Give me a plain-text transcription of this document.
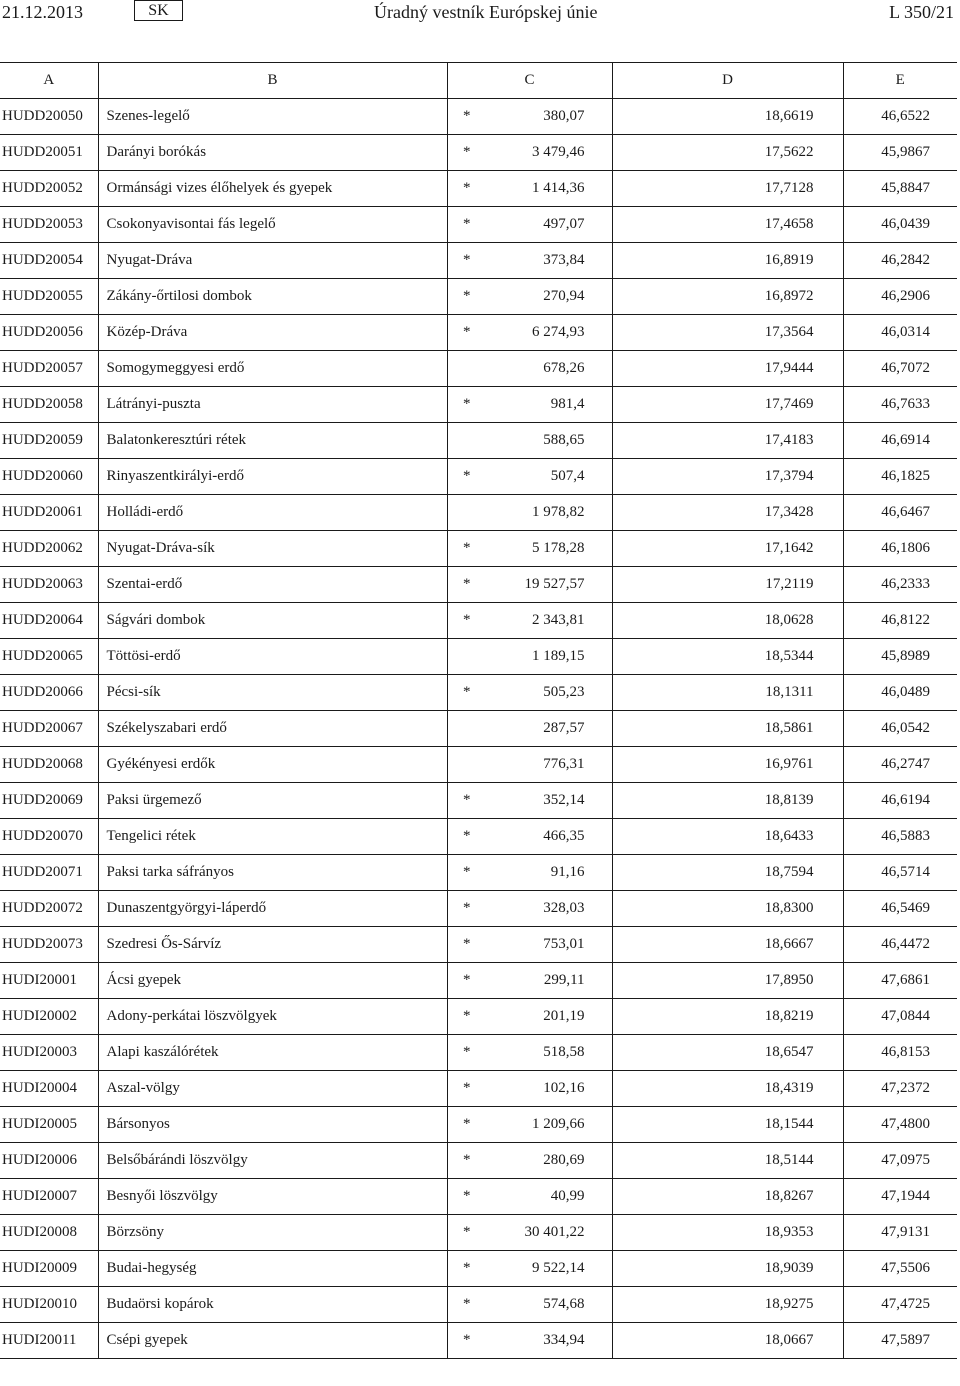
21.12.2013	SK	Úradný vestník Európskej únie	L 350/21
A	B	C		D	E
HUDD20050	Szenes-legelő	*	380,07	18,6619	46,6522
HUDD20051	Darányi borókás	*	3 479,46	17,5622	45,9867
HUDD20052	Ormánsági vizes élőhelyek és gyepek	*	1 414,36	17,7128	45,8847
HUDD20053	Csokonyavisontai fás legelő	*	497,07	17,4658	46,0439
HUDD20054	Nyugat-Dráva	*	373,84	16,8919	46,2842
HUDD20055	Zákány-őrtilosi dombok	*	270,94	16,8972	46,2906
HUDD20056	Közép-Dráva	*	6 274,93	17,3564	46,0314
HUDD20057	Somogymeggyesi erdő		678,26	17,9444	46,7072
HUDD20058	Látrányi-puszta	*	981,4	17,7469	46,7633
HUDD20059	Balatonkeresztúri rétek		588,65	17,4183	46,6914
HUDD20060	Rinyaszentkirályi-erdő	*	507,4	17,3794	46,1825
HUDD20061	Holládi-erdő		1 978,82	17,3428	46,6467
HUDD20062	Nyugat-Dráva-sík	*	5 178,28	17,1642	46,1806
HUDD20063	Szentai-erdő	*	19 527,57	17,2119	46,2333
HUDD20064	Ságvári dombok	*	2 343,81	18,0628	46,8122
HUDD20065	Töttösi-erdő		1 189,15	18,5344	45,8989
HUDD20066	Pécsi-sík	*	505,23	18,1311	46,0489
HUDD20067	Székelyszabari erdő		287,57	18,5861	46,0542
HUDD20068	Gyékényesi erdők		776,31	16,9761	46,2747
HUDD20069	Paksi ürgemező	*	352,14	18,8139	46,6194
HUDD20070	Tengelici rétek	*	466,35	18,6433	46,5883
HUDD20071	Paksi tarka sáfrányos	*	91,16	18,7594	46,5714
HUDD20072	Dunaszentgyörgyi-láperdő	*	328,03	18,8300	46,5469
HUDD20073	Szedresi Ős-Sárvíz	*	753,01	18,6667	46,4472
HUDI20001	Ácsi gyepek	*	299,11	17,8950	47,6861
HUDI20002	Adony-perkátai löszvölgyek	*	201,19	18,8219	47,0844
HUDI20003	Alapi kaszálórétek	*	518,58	18,6547	46,8153
HUDI20004	Aszal-völgy	*	102,16	18,4319	47,2372
HUDI20005	Bársonyos	*	1 209,66	18,1544	47,4800
HUDI20006	Belsőbárándi löszvölgy	*	280,69	18,5144	47,0975
HUDI20007	Besnyői löszvölgy	*	40,99	18,8267	47,1944
HUDI20008	Börzsöny	*	30 401,22	18,9353	47,9131
HUDI20009	Budai-hegység	*	9 522,14	18,9039	47,5506
HUDI20010	Budaörsi kopárok	*	574,68	18,9275	47,4725
HUDI20011	Csépi gyepek	*	334,94	18,0667	47,5897
